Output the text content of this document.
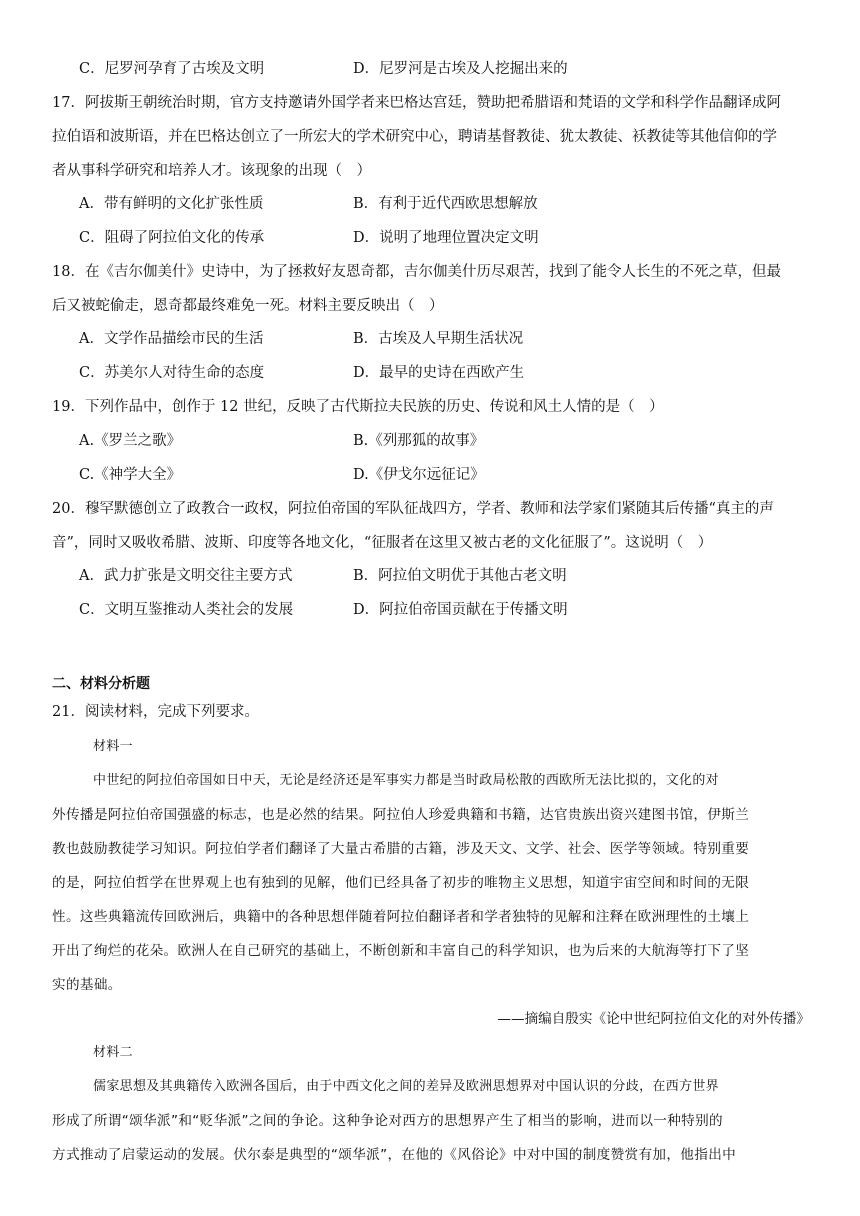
C．尼罗河孕育了古埃及文明	D．尼罗河是古埃及人挖掘出来的
17．阿拔斯王朝统治时期，官方支持邀请外国学者来巴格达宫廷，赞助把希腊语和梵语的文学和科学作品翻译成阿
拉伯语和波斯语，并在巴格达创立了一所宏大的学术研究中心，聘请基督教徒、犹太教徒、袄教徒等其他信仰的学
者从事科学研究和培养人才。该现象的出现（　）
A．带有鲜明的文化扩张性质	B．有利于近代西欧思想解放
C．阻碍了阿拉伯文化的传承	D．说明了地理位置决定文明
18．在《吉尔伽美什》史诗中，为了拯救好友恩奇都，吉尔伽美什历尽艰苦，找到了能令人长生的不死之草，但最
后又被蛇偷走，恩奇都最终难免一死。材料主要反映出（　）
A．文学作品描绘市民的生活	B．古埃及人早期生活状况
C．苏美尔人对待生命的态度	D．最早的史诗在西欧产生
19．下列作品中，创作于 12 世纪，反映了古代斯拉夫民族的历史、传说和风土人情的是（　）
A.《罗兰之歌》	B.《列那狐的故事》
C.《神学大全》	D.《伊戈尔远征记》
20．穆罕默德创立了政教合一政权，阿拉伯帝国的军队征战四方，学者、教师和法学家们紧随其后传播“真主的声
音”，同时又吸收希腊、波斯、印度等各地文化，“征服者在这里又被古老的文化征服了”。这说明（　）
A．武力扩张是文明交往主要方式	B．阿拉伯文明优于其他古老文明
C．文明互鉴推动人类社会的发展	D．阿拉伯帝国贡献在于传播文明
二、材料分析题
21．阅读材料，完成下列要求。
材料一
中世纪的阿拉伯帝国如日中天，无论是经济还是军事实力都是当时政局松散的西欧所无法比拟的，文化的对
外传播是阿拉伯帝国强盛的标志，也是必然的结果。阿拉伯人珍爱典籍和书籍，达官贵族出资兴建图书馆，伊斯兰
教也鼓励教徒学习知识。阿拉伯学者们翻译了大量古希腊的古籍，涉及天文、文学、社会、医学等领域。特别重要
的是，阿拉伯哲学在世界观上也有独到的见解，他们已经具备了初步的唯物主义思想，知道宇宙空间和时间的无限
性。这些典籍流传回欧洲后，典籍中的各种思想伴随着阿拉伯翻译者和学者独特的见解和注释在欧洲理性的土壤上
开出了绚烂的花朵。欧洲人在自己研究的基础上，不断创新和丰富自己的科学知识，也为后来的大航海等打下了坚
实的基础。
——摘编自殷实《论中世纪阿拉伯文化的对外传播》
材料二
儒家思想及其典籍传入欧洲各国后，由于中西文化之间的差异及欧洲思想界对中国认识的分歧，在西方世界
形成了所谓“颂华派”和“贬华派”之间的争论。这种争论对西方的思想界产生了相当的影响，进而以一种特别的
方式推动了启蒙运动的发展。伏尔泰是典型的“颂华派”，在他的《风俗论》中对中国的制度赞赏有加，他指出中
